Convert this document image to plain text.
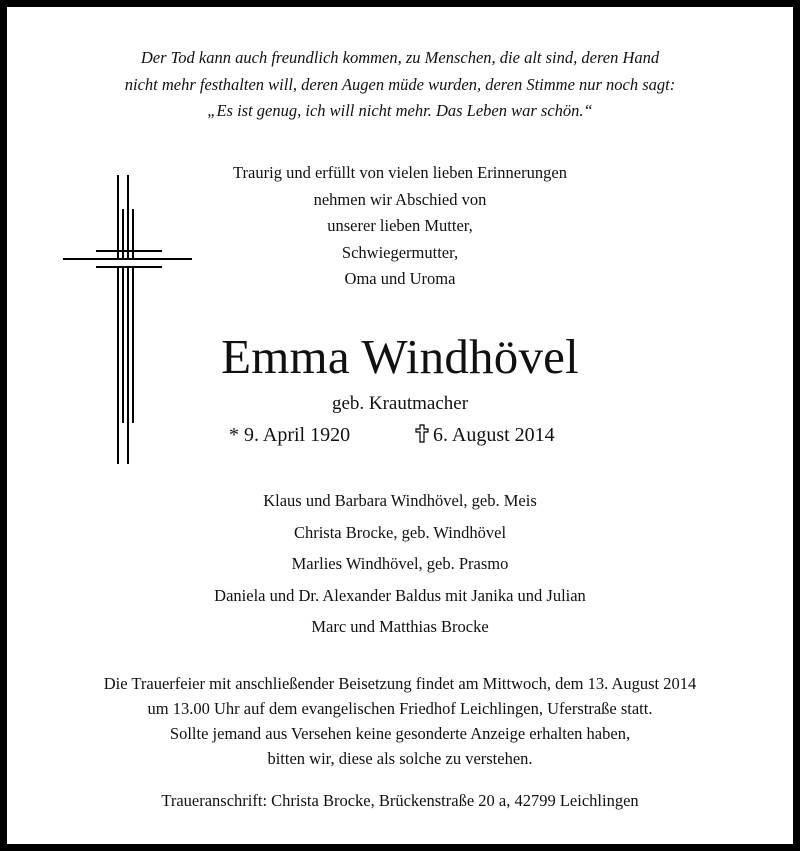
Der Tod kann auch freundlich kommen, zu Menschen, die alt sind, deren Hand
nicht mehr festhalten will, deren Augen müde wurden, deren Stimme nur noch sagt:
„Es ist genug, ich will nicht mehr. Das Leben war schön.“
Traurig und erfüllt von vielen lieben Erinnerungen
nehmen wir Abschied von
unserer lieben Mutter,
Schwiegermutter,
Oma und Uroma
Emma Windhövel
geb. Krautmacher
* 9. April 1920	6. August 2014
Klaus und Barbara Windhövel, geb. Meis
Christa Brocke, geb. Windhövel
Marlies Windhövel, geb. Prasmo
Daniela und Dr. Alexander Baldus mit Janika und Julian
Marc und Matthias Brocke
Die Trauerfeier mit anschließender Beisetzung findet am Mittwoch, dem 13. August 2014
um 13.00 Uhr auf dem evangelischen Friedhof Leichlingen, Uferstraße statt.
Sollte jemand aus Versehen keine gesonderte Anzeige erhalten haben,
bitten wir, diese als solche zu verstehen.
Traueranschrift: Christa Brocke, Brückenstraße 20 a, 42799 Leichlingen
